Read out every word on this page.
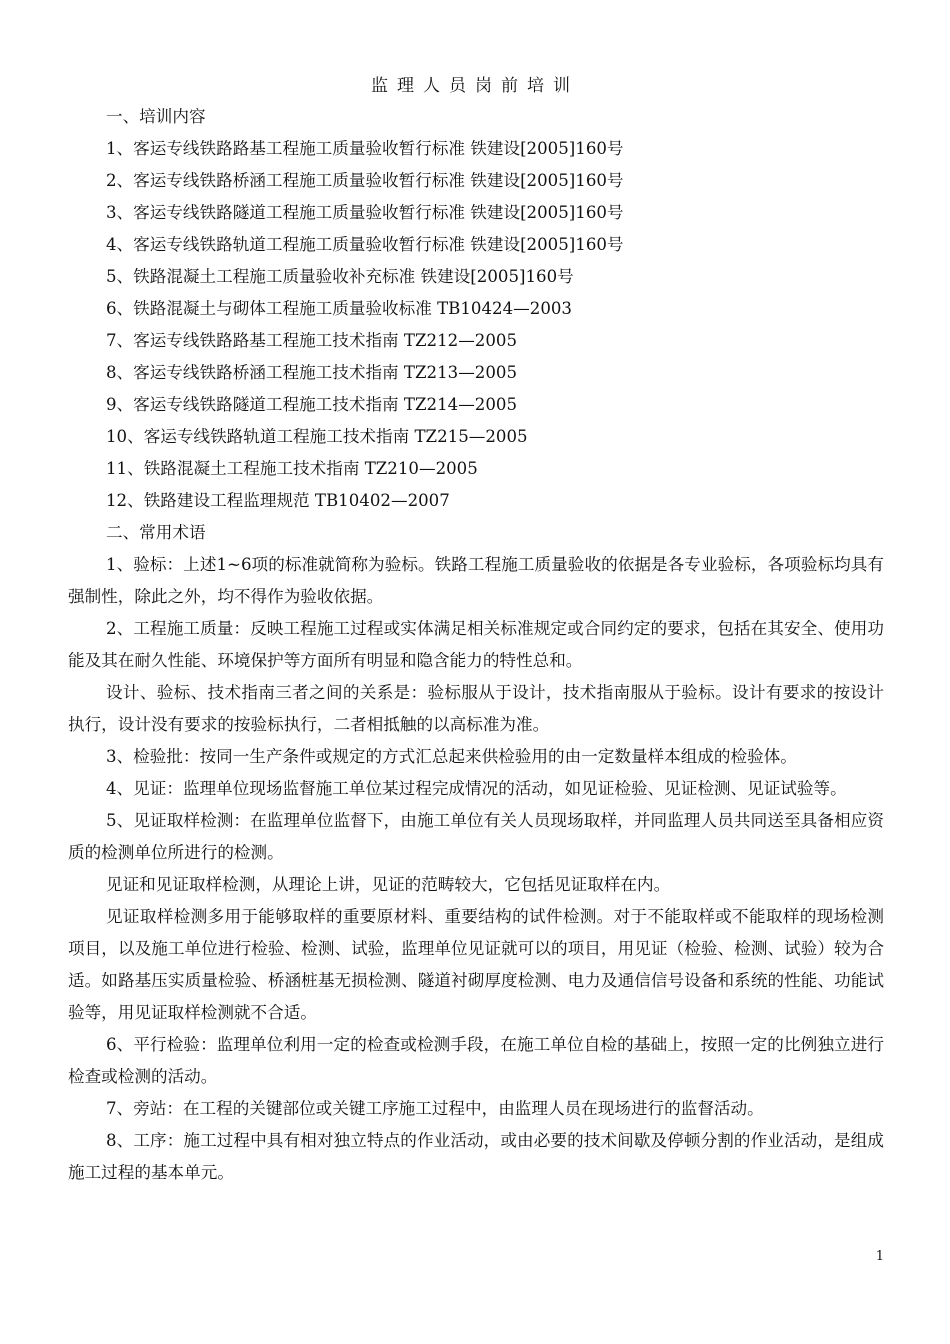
监理人员岗前培训

一、培训内容

1、客运专线铁路路基工程施工质量验收暂行标准 铁建设[2005]160号

2、客运专线铁路桥涵工程施工质量验收暂行标准 铁建设[2005]160号

3、客运专线铁路隧道工程施工质量验收暂行标准 铁建设[2005]160号

4、客运专线铁路轨道工程施工质量验收暂行标准 铁建设[2005]160号

5、铁路混凝土工程施工质量验收补充标准 铁建设[2005]160号

6、铁路混凝土与砌体工程施工质量验收标准 TB10424—2003

7、客运专线铁路路基工程施工技术指南 TZ212—2005

8、客运专线铁路桥涵工程施工技术指南 TZ213—2005

9、客运专线铁路隧道工程施工技术指南 TZ214—2005

10、客运专线铁路轨道工程施工技术指南 TZ215—2005

11、铁路混凝土工程施工技术指南 TZ210—2005

12、铁路建设工程监理规范 TB10402—2007

二、常用术语

1、验标：上述1~6项的标准就简称为验标。铁路工程施工质量验收的依据是各专业验标，各项验标均具有强制性，除此之外，均不得作为验收依据。

2、工程施工质量：反映工程施工过程或实体满足相关标准规定或合同约定的要求，包括在其安全、使用功能及其在耐久性能、环境保护等方面所有明显和隐含能力的特性总和。

设计、验标、技术指南三者之间的关系是：验标服从于设计，技术指南服从于验标。设计有要求的按设计执行，设计没有要求的按验标执行，二者相抵触的以高标准为准。

3、检验批：按同一生产条件或规定的方式汇总起来供检验用的由一定数量样本组成的检验体。

4、见证：监理单位现场监督施工单位某过程完成情况的活动，如见证检验、见证检测、见证试验等。

5、见证取样检测：在监理单位监督下，由施工单位有关人员现场取样，并同监理人员共同送至具备相应资质的检测单位所进行的检测。

见证和见证取样检测，从理论上讲，见证的范畴较大，它包括见证取样在内。

见证取样检测多用于能够取样的重要原材料、重要结构的试件检测。对于不能取样或不能取样的现场检测项目，以及施工单位进行检验、检测、试验，监理单位见证就可以的项目，用见证（检验、检测、试验）较为合适。如路基压实质量检验、桥涵桩基无损检测、隧道衬砌厚度检测、电力及通信信号设备和系统的性能、功能试验等，用见证取样检测就不合适。

6、平行检验：监理单位利用一定的检查或检测手段，在施工单位自检的基础上，按照一定的比例独立进行检查或检测的活动。

7、旁站：在工程的关键部位或关键工序施工过程中，由监理人员在现场进行的监督活动。

8、工序：施工过程中具有相对独立特点的作业活动，或由必要的技术间歇及停顿分割的作业活动，是组成施工过程的基本单元。

1
